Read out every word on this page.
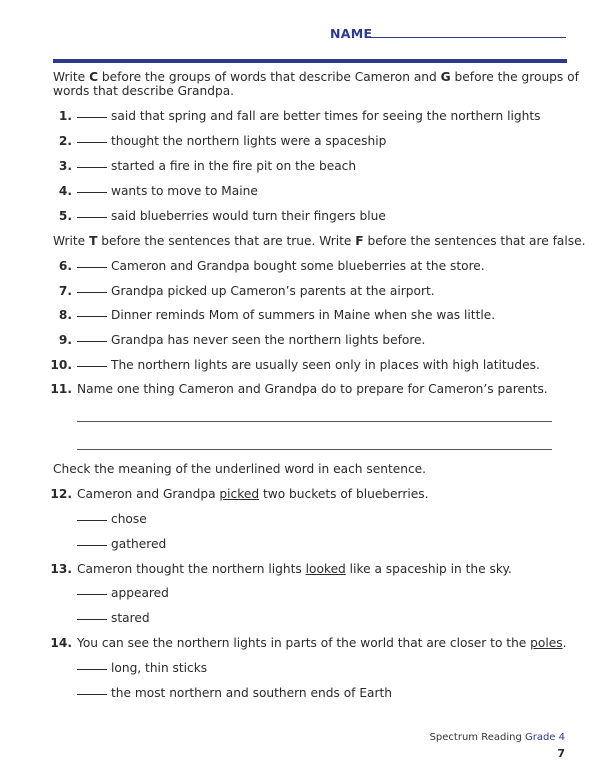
NAME
Write C before the groups of words that describe Cameron and G before the groups of
words that describe Grandpa.
1.	said that spring and fall are better times for seeing the northern lights
2.	thought the northern lights were a spaceship
3.	started a fire in the fire pit on the beach
4.	wants to move to Maine
5.	said blueberries would turn their fingers blue
Write T before the sentences that are true. Write F before the sentences that are false.
6.	Cameron and Grandpa bought some blueberries at the store.
7.	Grandpa picked up Cameron’s parents at the airport.
8.	Dinner reminds Mom of summers in Maine when she was little.
9.	Grandpa has never seen the northern lights before.
10.	The northern lights are usually seen only in places with high latitudes.
11. Name one thing Cameron and Grandpa do to prepare for Cameron’s parents.
Check the meaning of the underlined word in each sentence.
12. Cameron and Grandpa picked two buckets of blueberries.
chose
gathered
13. Cameron thought the northern lights looked like a spaceship in the sky.
appeared
stared
14. You can see the northern lights in parts of the world that are closer to the poles.
long, thin sticks
the most northern and southern ends of Earth
Spectrum Reading Grade 4
7
